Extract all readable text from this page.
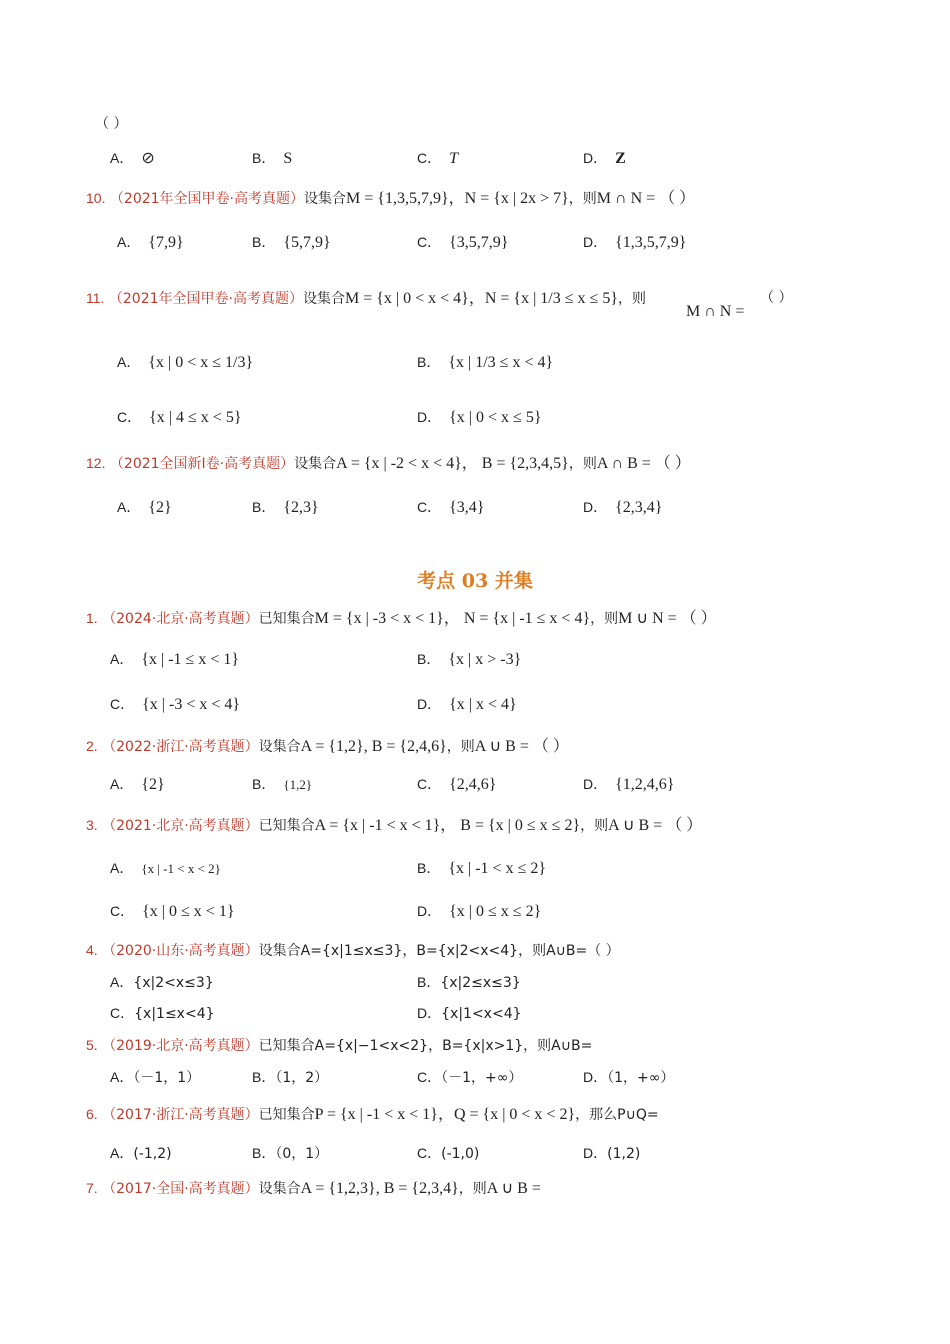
（ ）
A． ⊘	B． S	C． T	D． Z
10. （2021年全国甲卷·高考真题）设集合M = {1,3,5,7,9}，N = {x | 2x > 7}，则M ∩ N = （ ）
A． {7,9}	B． {5,7,9}	C． {3,5,7,9}	D． {1,3,5,7,9}
11. （2021年全国甲卷·高考真题）设集合M = {x | 0 < x < 4}，N = {x | 1/3 ≤ x ≤ 5}，则	（ ）
M ∩ N =
A． {x | 0 < x ≤ 1/3}	B． {x | 1/3 ≤ x < 4}
C． {x | 4 ≤ x < 5}	D． {x | 0 < x ≤ 5}
12. （2021全国新Ⅰ卷·高考真题）设集合A = {x | -2 < x < 4}， B = {2,3,4,5}，则A ∩ B = （ ）
A． {2}	B． {2,3}	C． {3,4}	D． {2,3,4}
考点 03 并集
1. （2024·北京·高考真题）已知集合M = {x | -3 < x < 1}， N = {x | -1 ≤ x < 4}，则M ∪ N = （ ）
A． {x | -1 ≤ x < 1}	B． {x | x > -3}
C． {x | -3 < x < 4}	D． {x | x < 4}
2. （2022·浙江·高考真题）设集合A = {1,2}, B = {2,4,6}，则A ∪ B = （ ）
A． {2}	B． {1,2}	C． {2,4,6}	D． {1,2,4,6}
3. （2021·北京·高考真题）已知集合A = {x | -1 < x < 1}， B = {x | 0 ≤ x ≤ 2}，则A ∪ B = （ ）
A． {x | -1 < x < 2}	B． {x | -1 < x ≤ 2}
C． {x | 0 ≤ x < 1}	D． {x | 0 ≤ x ≤ 2}
4. （2020·山东·高考真题）设集合A={x|1≤x≤3}，B={x|2<x<4}，则A∪B=（ ）
A．{x|2<x≤3}	B．{x|2≤x≤3}
C．{x|1≤x<4}	D．{x|1<x<4}
5. （2019·北京·高考真题）已知集合A={x|−1<x<2}，B={x|x>1}，则A∪B=
A．（－1，1）	B．（1，2）	C．（－1，+∞）	D．（1，+∞）
6. （2017·浙江·高考真题）已知集合P = {x | -1 < x < 1}，Q = {x | 0 < x < 2}，那么P∪Q=
A．(-1,2)	B．（0，1）	C．(-1,0)	D．(1,2)
7. （2017·全国·高考真题）设集合A = {1,2,3}, B = {2,3,4}，则A ∪ B =
